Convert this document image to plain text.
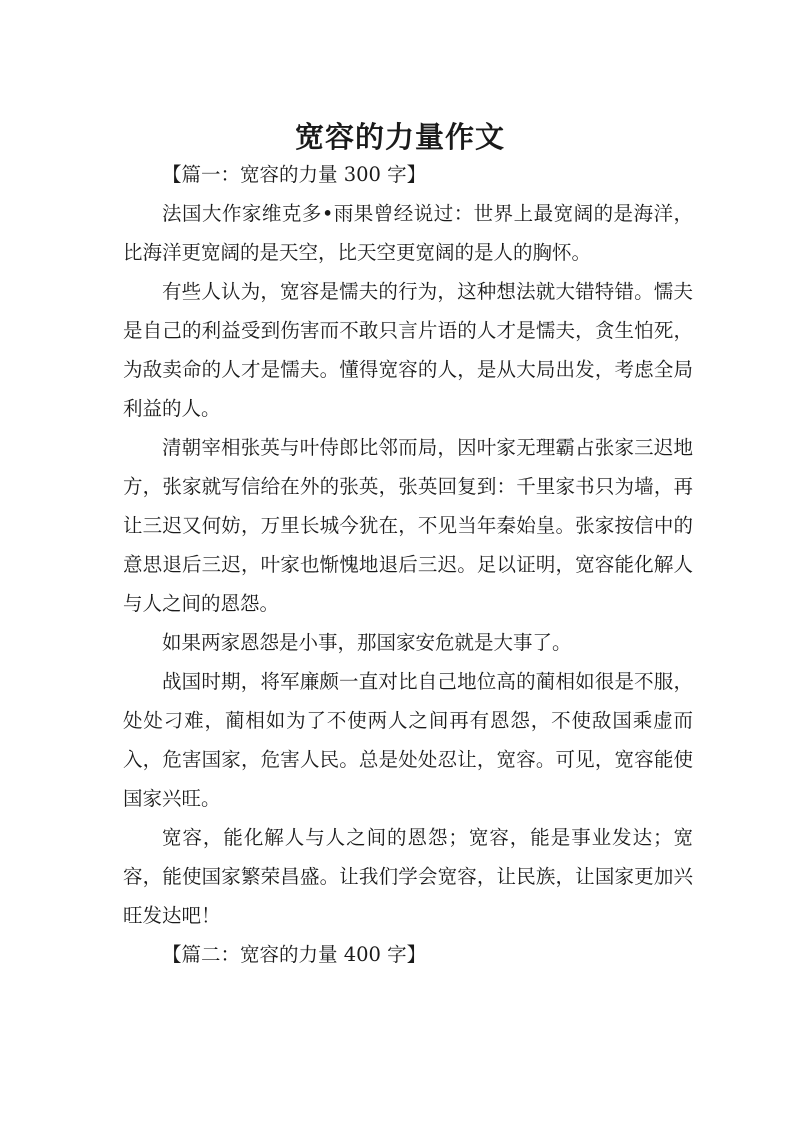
宽容的力量作文

【篇一：宽容的力量 300 字】

法国大作家维克多•雨果曾经说过：世界上最宽阔的是海洋，比海洋更宽阔的是天空，比天空更宽阔的是人的胸怀。

有些人认为，宽容是懦夫的行为，这种想法就大错特错。懦夫是自己的利益受到伤害而不敢只言片语的人才是懦夫，贪生怕死，为敌卖命的人才是懦夫。懂得宽容的人，是从大局出发，考虑全局利益的人。

清朝宰相张英与叶侍郎比邻而局，因叶家无理霸占张家三迟地方，张家就写信给在外的张英，张英回复到：千里家书只为墙，再让三迟又何妨，万里长城今犹在，不见当年秦始皇。张家按信中的意思退后三迟，叶家也惭愧地退后三迟。足以证明，宽容能化解人与人之间的恩怨。

如果两家恩怨是小事，那国家安危就是大事了。

战国时期，将军廉颇一直对比自己地位高的蔺相如很是不服，处处刁难，蔺相如为了不使两人之间再有恩怨，不使敌国乘虚而入，危害国家，危害人民。总是处处忍让，宽容。可见，宽容能使国家兴旺。

宽容，能化解人与人之间的恩怨；宽容，能是事业发达；宽容，能使国家繁荣昌盛。让我们学会宽容，让民族，让国家更加兴旺发达吧！

【篇二：宽容的力量 400 字】
